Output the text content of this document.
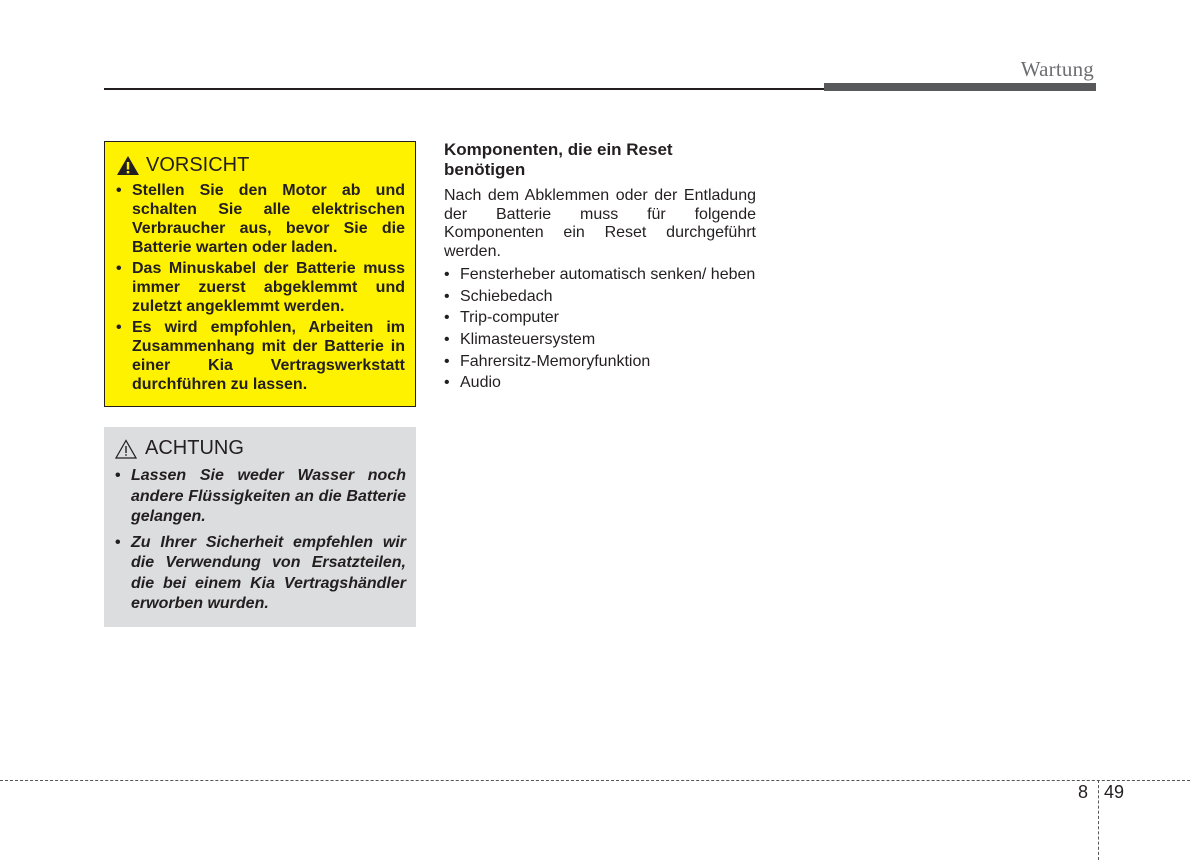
Wartung
VORSICHT
• Stellen Sie den Motor ab und schalten Sie alle elektrischen Verbraucher aus, bevor Sie die Batterie warten oder laden.
• Das Minuskabel der Batterie muss immer zuerst abgeklemmt und zuletzt angeklemmt werden.
• Es wird empfohlen, Arbeiten im Zusammenhang mit der Batterie in einer Kia Vertragswerkstatt durchführen zu lassen.
ACHTUNG
• Lassen Sie weder Wasser noch andere Flüssigkeiten an die Batterie gelangen.
• Zu Ihrer Sicherheit empfehlen wir die Verwendung von Ersatzteilen, die bei einem Kia Vertragshändler erworben wurden.
Komponenten, die ein Reset benötigen

Nach dem Abklemmen oder der Entladung der Batterie muss für folgende Komponenten ein Reset durchgeführt werden.

• Fensterheber automatisch senken/ heben
• Schiebedach
• Trip-computer
• Klimasteuersystem
• Fahrersitz-Memoryfunktion
• Audio
8 49
